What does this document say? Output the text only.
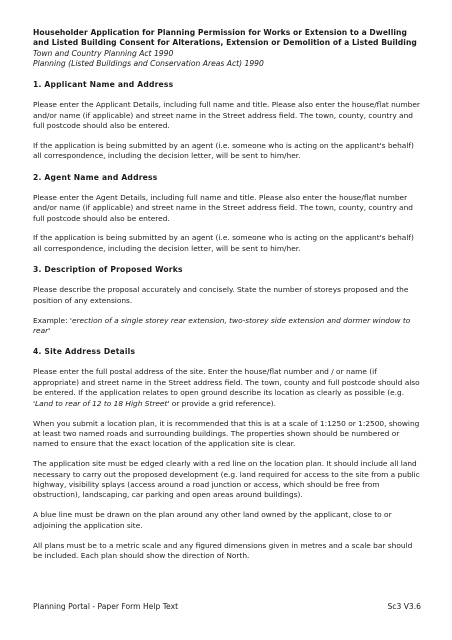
Householder Application for Planning Permission for Works or Extension to a Dwelling and Listed Building Consent for Alterations, Extension or Demolition of a Listed Building

Town and Country Planning Act 1990

Planning (Listed Buildings and Conservation Areas Act) 1990

1. Applicant Name and Address

Please enter the Applicant Details, including full name and title. Please also enter the house/flat number and/or name (if applicable) and street name in the Street address field. The town, county, country and full postcode should also be entered.

If the application is being submitted by an agent (i.e. someone who is acting on the applicant's behalf) all correspondence, including the decision letter, will be sent to him/her.

2. Agent Name and Address

Please enter the Agent Details, including full name and title. Please also enter the house/flat number and/or name (if applicable) and street name in the Street address field. The town, county, country and full postcode should also be entered.

If the application is being submitted by an agent (i.e. someone who is acting on the applicant's behalf) all correspondence, including the decision letter, will be sent to him/her.

3. Description of Proposed Works

Please describe the proposal accurately and concisely. State the number of storeys proposed and the position of any extensions.

Example: 'erection of a single storey rear extension, two-storey side extension and dormer window to rear'

4. Site Address Details

Please enter the full postal address of the site. Enter the house/flat number and / or name (if appropriate) and street name in the Street address field. The town, county and full postcode should also be entered. If the application relates to open ground describe its location as clearly as possible (e.g. 'Land to rear of 12 to 18 High Street' or provide a grid reference).

When you submit a location plan, it is recommended that this is at a scale of 1:1250 or 1:2500, showing at least two named roads and surrounding buildings. The properties shown should be numbered or named to ensure that the exact location of the application site is clear.

The application site must be edged clearly with a red line on the location plan. It should include all land necessary to carry out the proposed development (e.g. land required for access to the site from a public highway, visibility splays (access around a road junction or access, which should be free from obstruction), landscaping, car parking and open areas around buildings).

A blue line must be drawn on the plan around any other land owned by the applicant, close to or adjoining the application site.

All plans must be to a metric scale and any figured dimensions given in metres and a scale bar should be included. Each plan should show the direction of North.

Planning Portal - Paper Form Help Text	Sc3 V3.6
